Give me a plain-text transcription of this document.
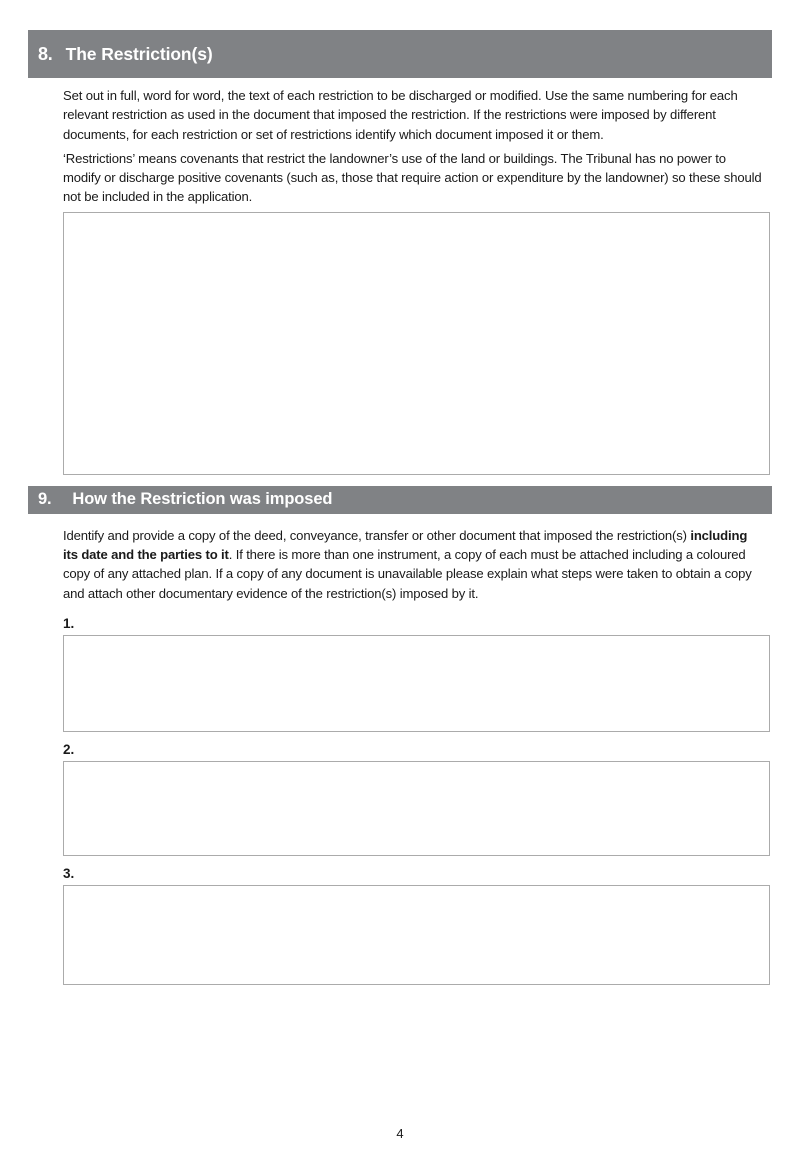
8. The Restriction(s)

Set out in full, word for word, the text of each restriction to be discharged or modified. Use the same numbering for each relevant restriction as used in the document that imposed the restriction. If the restrictions were imposed by different documents, for each restriction or set of restrictions identify which document imposed it or them.

‘Restrictions’ means covenants that restrict the landowner’s use of the land or buildings. The Tribunal has no power to modify or discharge positive covenants (such as, those that require action or expenditure by the landowner) so these should not be included in the application.

9. How the Restriction was imposed

Identify and provide a copy of the deed, conveyance, transfer or other document that imposed the restriction(s) including its date and the parties to it. If there is more than one instrument, a copy of each must be attached including a coloured copy of any attached plan. If a copy of any document is unavailable please explain what steps were taken to obtain a copy and attach other documentary evidence of the restriction(s) imposed by it.

1.
2.
3.
4
